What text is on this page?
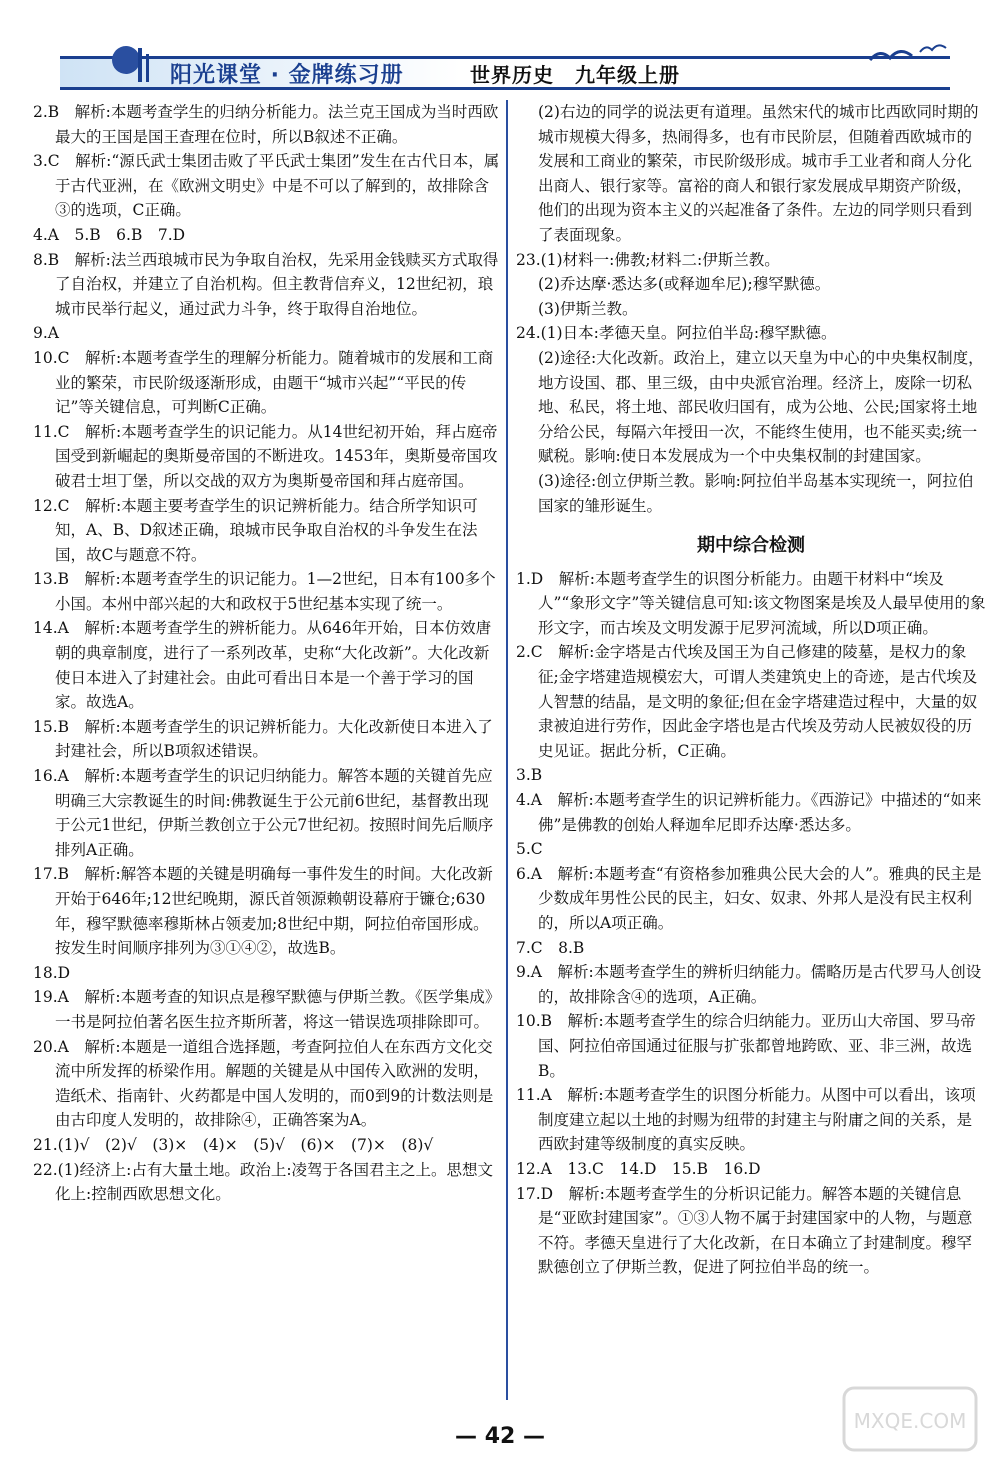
阳光课堂 · 金牌练习册	世界历史　九年级上册

2.B　解析:本题考查学生的归纳分析能力。法兰克王国成为当时西欧最大的王国是国王查理在位时，所以B叙述不正确。

3.C　解析:“源氏武士集团击败了平氏武士集团”发生在古代日本，属于古代亚洲，在《欧洲文明史》中是不可以了解到的，故排除含③的选项，C正确。

4.A　5.B　6.B　7.D

8.B　解析:法兰西琅城市民为争取自治权，先采用金钱赎买方式取得了自治权，并建立了自治机构。但主教背信弃义，12世纪初，琅城市民举行起义，通过武力斗争，终于取得自治地位。

9.A

10.C　解析:本题考查学生的理解分析能力。随着城市的发展和工商业的繁荣，市民阶级逐渐形成，由题干“城市兴起”“平民的传记”等关键信息，可判断C正确。

11.C　解析:本题考查学生的识记能力。从14世纪初开始，拜占庭帝国受到新崛起的奥斯曼帝国的不断进攻。1453年，奥斯曼帝国攻破君士坦丁堡，所以交战的双方为奥斯曼帝国和拜占庭帝国。

12.C　解析:本题主要考查学生的识记辨析能力。结合所学知识可知，A、B、D叙述正确，琅城市民争取自治权的斗争发生在法国，故C与题意不符。

13.B　解析:本题考查学生的识记能力。1—2世纪，日本有100多个小国。本州中部兴起的大和政权于5世纪基本实现了统一。

14.A　解析:本题考查学生的辨析能力。从646年开始，日本仿效唐朝的典章制度，进行了一系列改革，史称“大化改新”。大化改新使日本进入了封建社会。由此可看出日本是一个善于学习的国家。故选A。

15.B　解析:本题考查学生的识记辨析能力。大化改新使日本进入了封建社会，所以B项叙述错误。

16.A　解析:本题考查学生的识记归纳能力。解答本题的关键首先应明确三大宗教诞生的时间:佛教诞生于公元前6世纪，基督教出现于公元1世纪，伊斯兰教创立于公元7世纪初。按照时间先后顺序排列A正确。

17.B　解析:解答本题的关键是明确每一事件发生的时间。大化改新开始于646年;12世纪晚期，源氏首领源赖朝设幕府于镰仓;630年，穆罕默德率穆斯林占领麦加;8世纪中期，阿拉伯帝国形成。按发生时间顺序排列为③①④②，故选B。

18.D

19.A　解析:本题考查的知识点是穆罕默德与伊斯兰教。《医学集成》一书是阿拉伯著名医生拉齐斯所著，将这一错误选项排除即可。

20.A　解析:本题是一道组合选择题，考查阿拉伯人在东西方文化交流中所发挥的桥梁作用。解题的关键是从中国传入欧洲的发明，造纸术、指南针、火药都是中国人发明的，而0到9的计数法则是由古印度人发明的，故排除④，正确答案为A。

21.(1)√　(2)√　(3)×　(4)×　(5)√　(6)×　(7)×　(8)√

22.(1)经济上:占有大量土地。政治上:凌驾于各国君主之上。思想文化上:控制西欧思想文化。

(2)右边的同学的说法更有道理。虽然宋代的城市比西欧同时期的城市规模大得多，热闹得多，也有市民阶层，但随着西欧城市的发展和工商业的繁荣，市民阶级形成。城市手工业者和商人分化出商人、银行家等。富裕的商人和银行家发展成早期资产阶级，他们的出现为资本主义的兴起准备了条件。左边的同学则只看到了表面现象。

23.(1)材料一:佛教;材料二:伊斯兰教。

(2)乔达摩·悉达多(或释迦牟尼);穆罕默德。

(3)伊斯兰教。

24.(1)日本:孝德天皇。阿拉伯半岛:穆罕默德。

(2)途径:大化改新。政治上，建立以天皇为中心的中央集权制度，地方设国、郡、里三级，由中央派官治理。经济上，废除一切私地、私民，将土地、部民收归国有，成为公地、公民;国家将土地分给公民，每隔六年授田一次，不能终生使用，也不能买卖;统一赋税。影响:使日本发展成为一个中央集权制的封建国家。

(3)途径:创立伊斯兰教。影响:阿拉伯半岛基本实现统一，阿拉伯国家的雏形诞生。

期中综合检测

1.D　解析:本题考查学生的识图分析能力。由题干材料中“埃及人”“象形文字”等关键信息可知:该文物图案是埃及人最早使用的象形文字，而古埃及文明发源于尼罗河流域，所以D项正确。

2.C　解析:金字塔是古代埃及国王为自己修建的陵墓，是权力的象征;金字塔建造规模宏大，可谓人类建筑史上的奇迹，是古代埃及人智慧的结晶，是文明的象征;但在金字塔建造过程中，大量的奴隶被迫进行劳作，因此金字塔也是古代埃及劳动人民被奴役的历史见证。据此分析，C正确。

3.B

4.A　解析:本题考查学生的识记辨析能力。《西游记》中描述的“如来佛”是佛教的创始人释迦牟尼即乔达摩·悉达多。

5.C

6.A　解析:本题考查“有资格参加雅典公民大会的人”。雅典的民主是少数成年男性公民的民主，妇女、奴隶、外邦人是没有民主权利的，所以A项正确。

7.C　8.B

9.A　解析:本题考查学生的辨析归纳能力。儒略历是古代罗马人创设的，故排除含④的选项，A正确。

10.B　解析:本题考查学生的综合归纳能力。亚历山大帝国、罗马帝国、阿拉伯帝国通过征服与扩张都曾地跨欧、亚、非三洲，故选B。

11.A　解析:本题考查学生的识图分析能力。从图中可以看出，该项制度建立起以土地的封赐为纽带的封建主与附庸之间的关系，是西欧封建等级制度的真实反映。

12.A　13.C　14.D　15.B　16.D

17.D　解析:本题考查学生的分析识记能力。解答本题的关键信息是“亚欧封建国家”。①③人物不属于封建国家中的人物，与题意不符。孝德天皇进行了大化改新，在日本确立了封建制度。穆罕默德创立了伊斯兰教，促进了阿拉伯半岛的统一。

— 42 —
MXQE.COM
